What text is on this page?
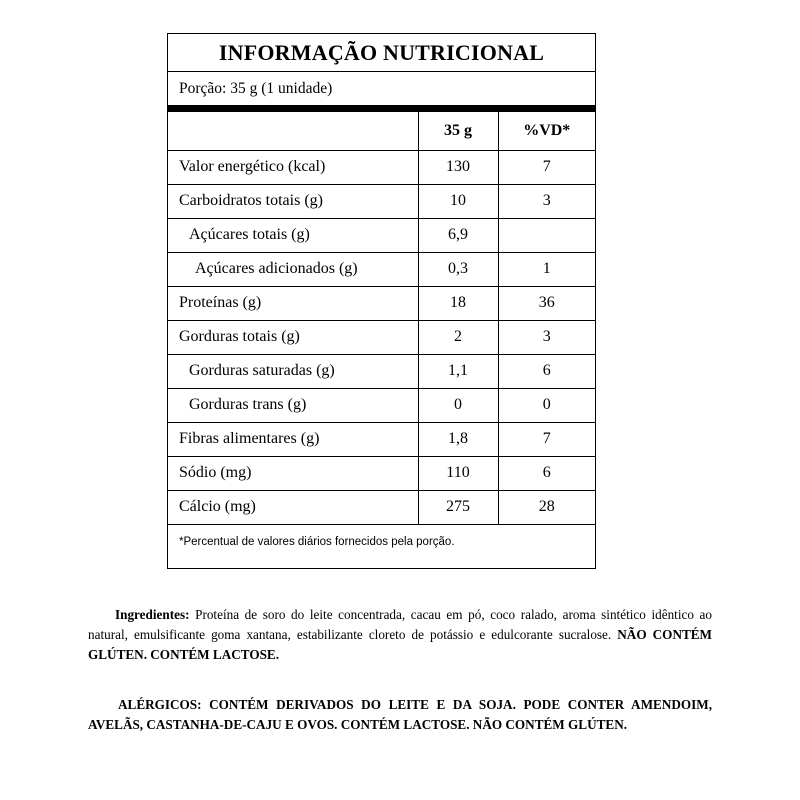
INFORMAÇÃO NUTRICIONAL
Porção: 35 g (1 unidade)
	35 g	%VD*
Valor energético (kcal)	130	7
Carboidratos totais (g)	10	3
Açúcares totais (g)	6,9	
Açúcares adicionados (g)	0,3	1
Proteínas (g)	18	36
Gorduras totais (g)	2	3
Gorduras saturadas (g)	1,1	6
Gorduras trans (g)	0	0
Fibras alimentares (g)	1,8	7
Sódio (mg)	110	6
Cálcio (mg)	275	28
*Percentual de valores diários fornecidos pela porção.
Ingredientes: Proteína de soro do leite concentrada, cacau em pó, coco ralado, aroma sintético idêntico ao natural, emulsificante goma xantana, estabilizante cloreto de potássio e edulcorante sucralose. NÃO CONTÉM GLÚTEN. CONTÉM LACTOSE.
ALÉRGICOS: CONTÉM DERIVADOS DO LEITE E DA SOJA. PODE CONTER AMENDOIM, AVELÃS, CASTANHA-DE-CAJU E OVOS. CONTÉM LACTOSE. NÃO CONTÉM GLÚTEN.
